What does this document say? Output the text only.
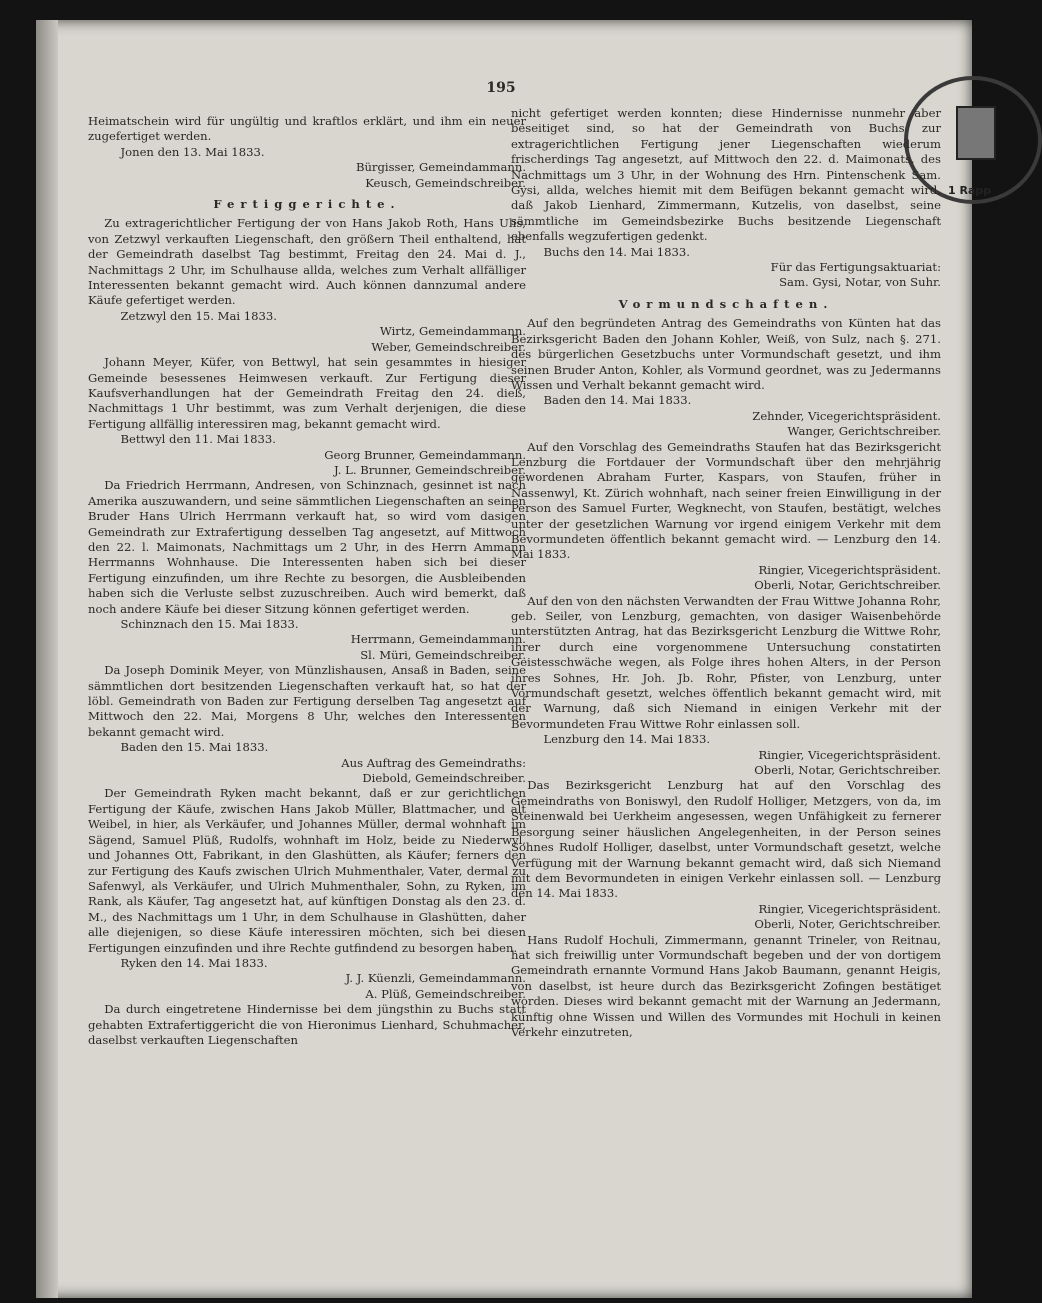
195
1 Rapp

Heimatschein wird für ungültig und kraftlos erklärt, und ihm ein neuer zugefertiget werden.

Jonen den 13. Mai 1833.
Bürgisser, Gemeindammann.
Keusch, Gemeindschreiber.
Fertiggerichte.

Zu extragerichtlicher Fertigung der von Hans Jakob Roth, Hans Ulis, von Zetzwyl verkauften Liegenschaft, den größern Theil enthaltend, hat der Gemeindrath daselbst Tag bestimmt, Freitag den 24. Mai d. J., Nachmittags 2 Uhr, im Schulhause allda, welches zum Verhalt allfälliger Interessenten bekannt gemacht wird. Auch können dannzumal andere Käufe gefertiget werden.

Zetzwyl den 15. Mai 1833.
Wirtz, Gemeindammann.
Weber, Gemeindschreiber.

Johann Meyer, Küfer, von Bettwyl, hat sein gesammtes in hiesiger Gemeinde besessenes Heimwesen verkauft. Zur Fertigung dieser Kaufsverhandlungen hat der Gemeindrath Freitag den 24. dieß, Nachmittags 1 Uhr bestimmt, was zum Verhalt derjenigen, die diese Fertigung allfällig interessiren mag, bekannt gemacht wird.

Bettwyl den 11. Mai 1833.
Georg Brunner, Gemeindammann.
J. L. Brunner, Gemeindschreiber.

Da Friedrich Herrmann, Andresen, von Schinznach, gesinnet ist nach Amerika auszuwandern, und seine sämmtlichen Liegenschaften an seinen Bruder Hans Ulrich Herrmann verkauft hat, so wird vom dasigen Gemeindrath zur Extrafertigung desselben Tag angesetzt, auf Mittwoch den 22. l. Maimonats, Nachmittags um 2 Uhr, in des Herrn Ammann Herrmanns Wohnhause. Die Interessenten haben sich bei dieser Fertigung einzufinden, um ihre Rechte zu besorgen, die Ausbleibenden haben sich die Verluste selbst zuzuschreiben. Auch wird bemerkt, daß noch andere Käufe bei dieser Sitzung können gefertiget werden.

Schinznach den 15. Mai 1833.
Herrmann, Gemeindammann.
Sl. Müri, Gemeindschreiber.

Da Joseph Dominik Meyer, von Münzlishausen, Ansaß in Baden, seine sämmtlichen dort besitzenden Liegenschaften verkauft hat, so hat der löbl. Gemeindrath von Baden zur Fertigung derselben Tag angesetzt auf Mittwoch den 22. Mai, Morgens 8 Uhr, welches den Interessenten bekannt gemacht wird.

Baden den 15. Mai 1833.
Aus Auftrag des Gemeindraths:
Diebold, Gemeindschreiber.

Der Gemeindrath Ryken macht bekannt, daß er zur gerichtlichen Fertigung der Käufe, zwischen Hans Jakob Müller, Blattmacher, und alt Weibel, in hier, als Verkäufer, und Johannes Müller, dermal wohnhaft im Sägend, Samuel Plüß, Rudolfs, wohnhaft im Holz, beide zu Niederwyl, und Johannes Ott, Fabrikant, in den Glashütten, als Käufer; ferners den zur Fertigung des Kaufs zwischen Ulrich Muhmenthaler, Vater, dermal zu Safenwyl, als Verkäufer, und Ulrich Muhmenthaler, Sohn, zu Ryken, im Rank, als Käufer, Tag angesetzt hat, auf künftigen Donstag als den 23. d. M., des Nachmittags um 1 Uhr, in dem Schulhause in Glashütten, daher alle diejenigen, so diese Käufe interessiren möchten, sich bei diesen Fertigungen einzufinden und ihre Rechte gutfindend zu besorgen haben.

Ryken den 14. Mai 1833.
J. J. Küenzli, Gemeindammann.
A. Plüß, Gemeindschreiber.

Da durch eingetretene Hindernisse bei dem jüngsthin zu Buchs statt gehabten Extrafertiggericht die von Hieronimus Lienhard, Schuhmacher, daselbst verkauften Liegenschaften

nicht gefertiget werden konnten; diese Hindernisse nunmehr aber beseitiget sind, so hat der Gemeindrath von Buchs zur extragerichtlichen Fertigung jener Liegenschaften wiederum frischerdings Tag angesetzt, auf Mittwoch den 22. d. Maimonats, des Nachmittags um 3 Uhr, in der Wohnung des Hrn. Pintenschenk Sam. Gysi, allda, welches hiemit mit dem Beifügen bekannt gemacht wird, daß Jakob Lienhard, Zimmermann, Kutzelis, von daselbst, seine sämmtliche im Gemeindsbezirke Buchs besitzende Liegenschaft ebenfalls wegzufertigen gedenkt.

Buchs den 14. Mai 1833.
Für das Fertigungsaktuariat:
Sam. Gysi, Notar, von Suhr.
Vormundschaften.

Auf den begründeten Antrag des Gemeindraths von Künten hat das Bezirksgericht Baden den Johann Kohler, Weiß, von Sulz, nach §. 271. des bürgerlichen Gesetzbuchs unter Vormundschaft gesetzt, und ihm seinen Bruder Anton, Kohler, als Vormund geordnet, was zu Jedermanns Wissen und Verhalt bekannt gemacht wird.

Baden den 14. Mai 1833.
Zehnder, Vicegerichtspräsident.
Wanger, Gerichtschreiber.

Auf den Vorschlag des Gemeindraths Staufen hat das Bezirksgericht Lenzburg die Fortdauer der Vormundschaft über den mehrjährig gewordenen Abraham Furter, Kaspars, von Staufen, früher in Nassenwyl, Kt. Zürich wohnhaft, nach seiner freien Einwilligung in der Person des Samuel Furter, Wegknecht, von Staufen, bestätigt, welches unter der gesetzlichen Warnung vor irgend einigem Verkehr mit dem Bevormundeten öffentlich bekannt gemacht wird. — Lenzburg den 14. Mai 1833.

Ringier, Vicegerichtspräsident.
Oberli, Notar, Gerichtschreiber.

Auf den von den nächsten Verwandten der Frau Wittwe Johanna Rohr, geb. Seiler, von Lenzburg, gemachten, von dasiger Waisenbehörde unterstützten Antrag, hat das Bezirksgericht Lenzburg die Wittwe Rohr, ihrer durch eine vorgenommene Untersuchung constatirten Geistesschwäche wegen, als Folge ihres hohen Alters, in der Person ihres Sohnes, Hr. Joh. Jb. Rohr, Pfister, von Lenzburg, unter Vormundschaft gesetzt, welches öffentlich bekannt gemacht wird, mit der Warnung, daß sich Niemand in einigen Verkehr mit der Bevormundeten Frau Wittwe Rohr einlassen soll.

Lenzburg den 14. Mai 1833.
Ringier, Vicegerichtspräsident.
Oberli, Notar, Gerichtschreiber.

Das Bezirksgericht Lenzburg hat auf den Vorschlag des Gemeindraths von Boniswyl, den Rudolf Holliger, Metzgers, von da, im Steinenwald bei Uerkheim angesessen, wegen Unfähigkeit zu fernerer Besorgung seiner häuslichen Angelegenheiten, in der Person seines Sohnes Rudolf Holliger, daselbst, unter Vormundschaft gesetzt, welche Verfügung mit der Warnung bekannt gemacht wird, daß sich Niemand mit dem Bevormundeten in einigen Verkehr einlassen soll. — Lenzburg den 14. Mai 1833.

Ringier, Vicegerichtspräsident.
Oberli, Noter, Gerichtschreiber.

Hans Rudolf Hochuli, Zimmermann, genannt Trineler, von Reitnau, hat sich freiwillig unter Vormundschaft begeben und der von dortigem Gemeindrath ernannte Vormund Hans Jakob Baumann, genannt Heigis, von daselbst, ist heure durch das Bezirksgericht Zofingen bestätiget worden. Dieses wird bekannt gemacht mit der Warnung an Jedermann, künftig ohne Wissen und Willen des Vormundes mit Hochuli in keinen Verkehr einzutreten,
